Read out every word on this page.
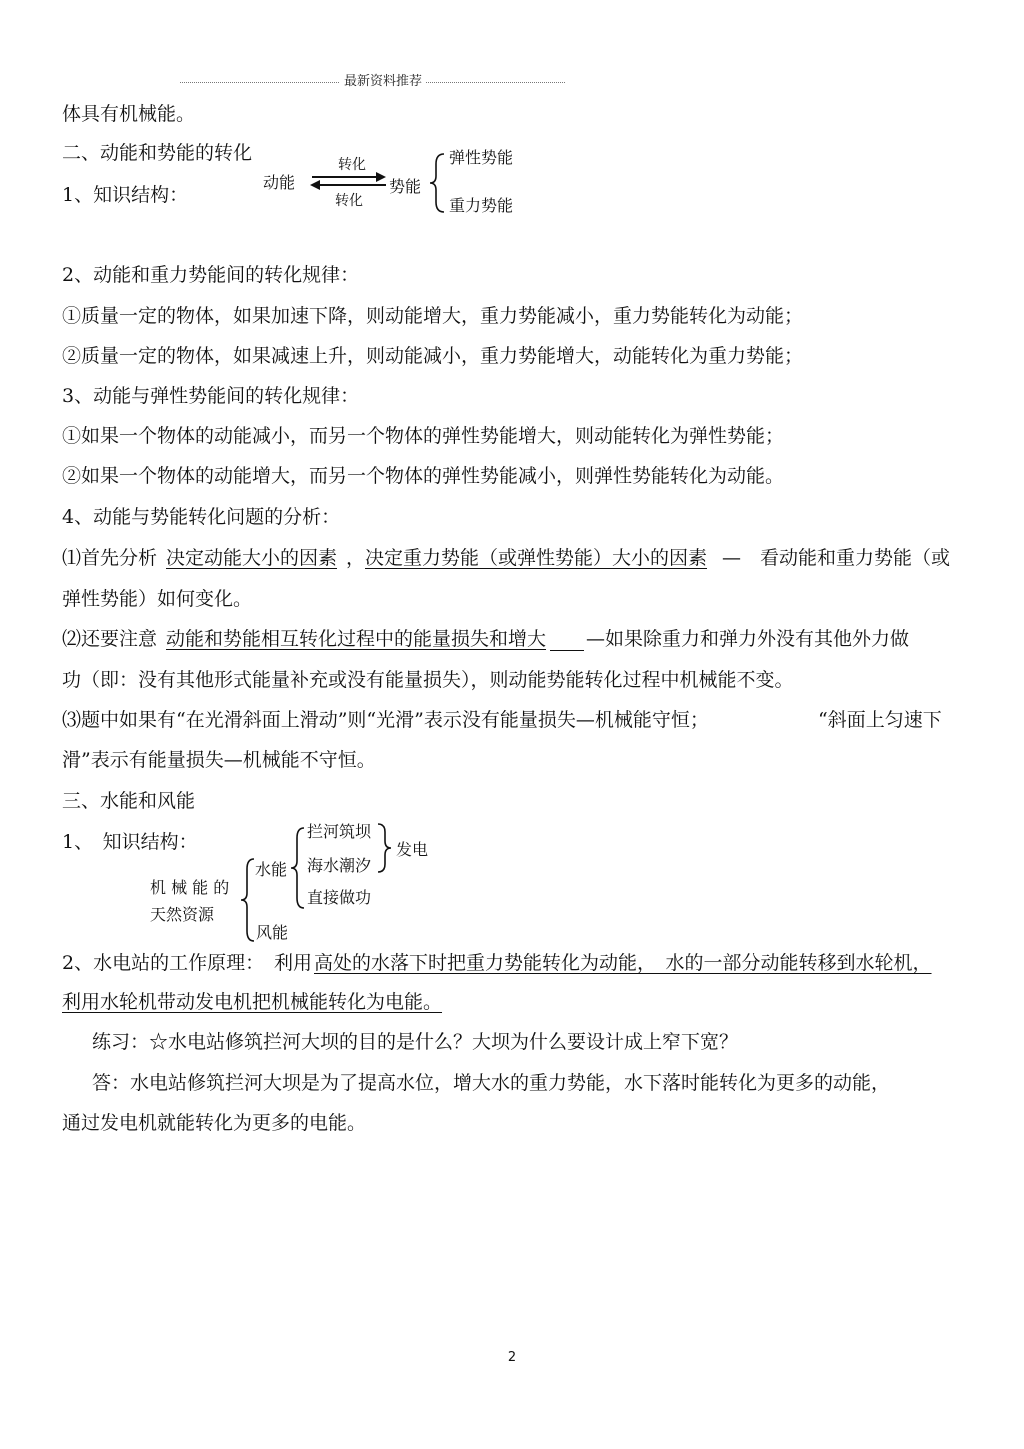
最新资料推荐
体具有机械能。
二、动能和势能的转化
1、知识结构：
动能
转化
转化
势能
弹性势能
重力势能
2、动能和重力势能间的转化规律：
①质量一定的物体，如果加速下降，则动能增大，重力势能减小，重力势能转化为动能；
②质量一定的物体，如果减速上升，则动能减小，重力势能增大，动能转化为重力势能；
3、动能与弹性势能间的转化规律：
①如果一个物体的动能减小，而另一个物体的弹性势能增大，则动能转化为弹性势能；
②如果一个物体的动能增大，而另一个物体的弹性势能减小，则弹性势能转化为动能。
4、动能与势能转化问题的分析：
⑴首先分析 决定动能大小的因素 ， 决定重力势能（或弹性势能）大小的因素 —　看动能和重力势能（或
弹性势能）如何变化。
⑵还要注意 动能和势能相互转化过程中的能量损失和增大 —如果除重力和弹力外没有其他外力做
功（即：没有其他形式能量补充或没有能量损失），则动能势能转化过程中机械能不变。
⑶题中如果有“在光滑斜面上滑动”则“光滑”表示没有能量损失—机械能守恒；	“斜面上匀速下
滑”表示有能量损失—机械能不守恒。
三、水能和风能
1、　知识结构：
机 械 能 的
天然资源
水能
风能
拦河筑坝
海水潮汐
直接做功
发电
2、水电站的工作原理： 利用 高处的水落下时把重力势能转化为动能，　水的一部分动能转移到水轮机，
利用水轮机带动发电机把机械能转化为电能。
练习：☆水电站修筑拦河大坝的目的是什么？大坝为什么要设计成上窄下宽？
答：水电站修筑拦河大坝是为了提高水位，增大水的重力势能，水下落时能转化为更多的动能，
通过发电机就能转化为更多的电能。
2
